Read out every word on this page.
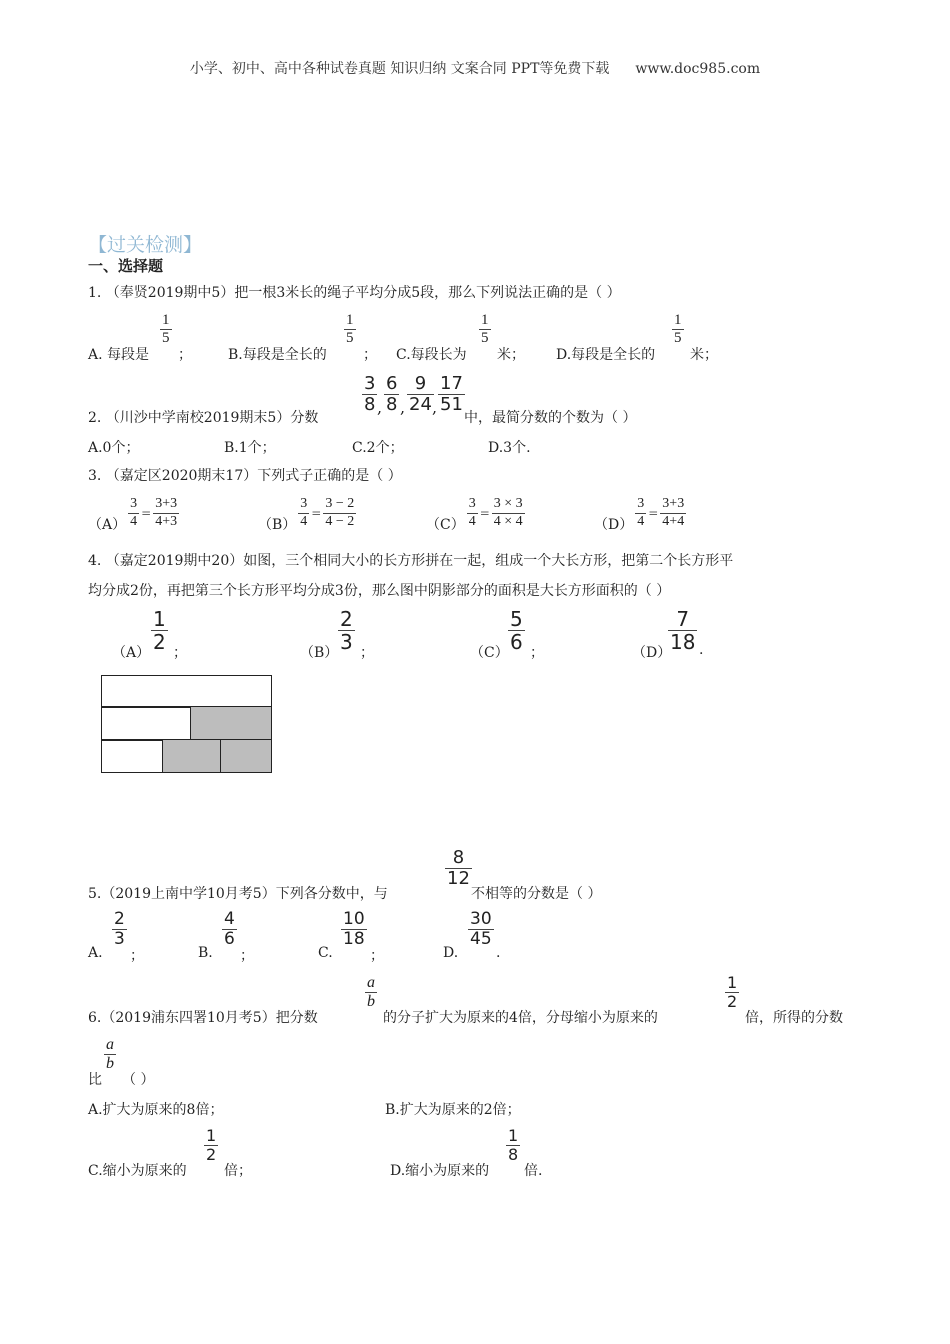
小学、初中、高中各种试卷真题 知识归纳 文案合同 PPT等免费下载 www.doc985.com
【过关检测】
一、选择题
1. （奉贤2019期中5）把一根3米长的绳子平均分成5段，那么下列说法正确的是（ ）
A. 每段是
$\frac{1}{5}$
；	B.每段是全长的
$\frac{1}{5}$
； C.每段长为
$\frac{1}{5}$
米； D.每段是全长的
$\frac{1}{5}$
米；
2. （川沙中学南校2019期末5）分数
$\frac{3}{8}$ , $\frac{6}{8}$ , $\frac{9}{24}$
, $\frac{17}{51}$
中，最简分数的个数为（ ）
A.0个；	B.1个；	C.2个；	D.3个.
3. （嘉定区2020期末17）下列式子正确的是（ ）
$(A) \frac{3}{4} = \frac{3+3}{4+3}$	$(B) \frac{3}{4} = \frac{3 - 2}{4 - 2}$	$(C) \frac{3}{4} = \frac{3 \times 3}{4 \times 4}$	$(D) \frac{3}{4} = \frac{3+3}{4+4}$
4. （嘉定2019期中20）如图，三个相同大小的长方形拼在一起，组成一个大长方形，把第二个长方形平
均分成2份，再把第三个长方形平均分成3份，那么图中阴影部分的面积是大长方形面积的（ ）
$(A) \frac{1}{2}$ ；	$(B) \frac{2}{3}$ ；	$(C) \frac{5}{6}$ ；	（D）
$\frac{7}{18}$ .
5.（2019上南中学10月考5）下列各分数中，与
$\frac{8}{12}$
不相等的分数是（ ）
A.
$\frac{2}{3}$
；	B.
$\frac{4}{6}$
；	C.
$\frac{10}{18}$
；	D.
$\frac{30}{45}$
.
6.（2019浦东四署10月考5）把分数
$\frac{a}{b}$
的分子扩大为原来的4倍，分母缩小为原来的
$\frac{1}{2}$
倍，所得的分数
比
$\frac{a}{b}$
（ ）
A.扩大为原来的8倍；	B.扩大为原来的2倍；
C.缩小为原来的
$\frac{1}{2}$
倍；	D.缩小为原来的
$\frac{1}{8}$
倍.
